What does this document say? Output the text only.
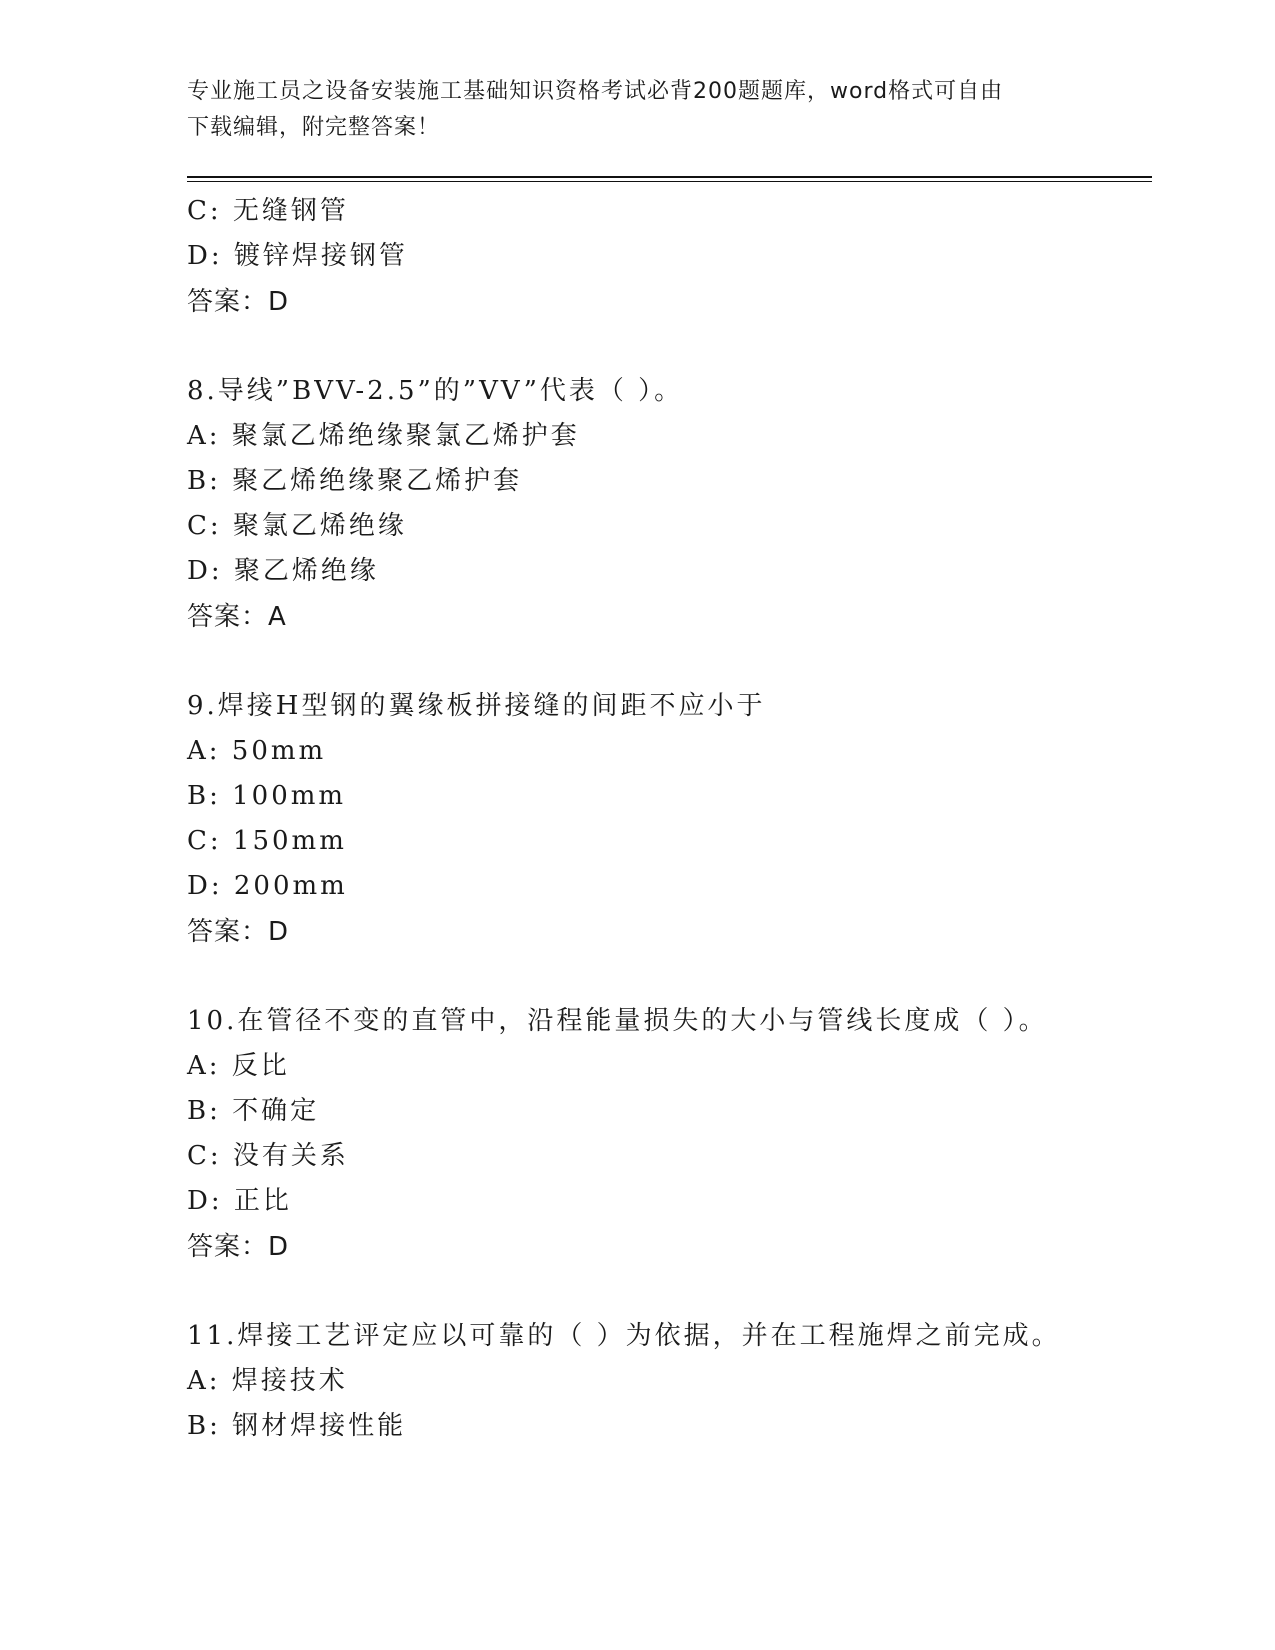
专业施工员之设备安装施工基础知识资格考试必背200题题库，word格式可自由
下载编辑，附完整答案！
C: 无缝钢管
D: 镀锌焊接钢管
答案：D
8.导线”BVV-2.5”的”VV”代表（ ）。
A: 聚氯乙烯绝缘聚氯乙烯护套
B: 聚乙烯绝缘聚乙烯护套
C: 聚氯乙烯绝缘
D: 聚乙烯绝缘
答案：A
9.焊接H型钢的翼缘板拼接缝的间距不应小于
A: 50mm
B: 100mm
C: 150mm
D: 200mm
答案：D
10.在管径不变的直管中，沿程能量损失的大小与管线长度成（ ）。
A: 反比
B: 不确定
C: 没有关系
D: 正比
答案：D
11.焊接工艺评定应以可靠的（ ）为依据，并在工程施焊之前完成。
A: 焊接技术
B: 钢材焊接性能
